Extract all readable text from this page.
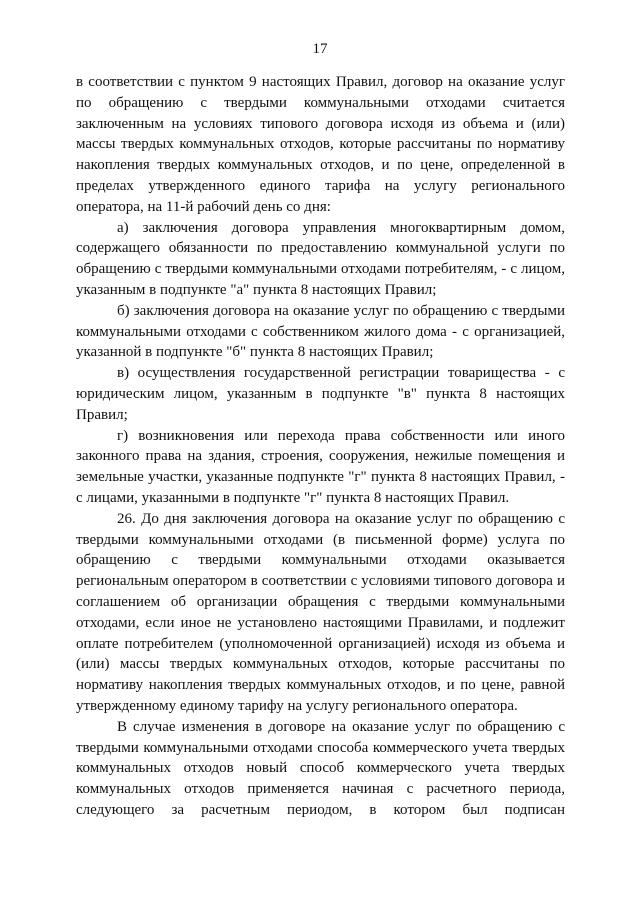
17

в соответствии с пунктом 9 настоящих Правил, договор на оказание услуг по обращению с твердыми коммунальными отходами считается заключенным на условиях типового договора исходя из объема и (или) массы твердых коммунальных отходов, которые рассчитаны по нормативу накопления твердых коммунальных отходов, и по цене, определенной в пределах утвержденного единого тарифа на услугу регионального оператора, на 11-й рабочий день со дня:

а) заключения договора управления многоквартирным домом, содержащего обязанности по предоставлению коммунальной услуги по обращению с твердыми коммунальными отходами потребителям, - с лицом, указанным в подпункте "а" пункта 8 настоящих Правил;

б) заключения договора на оказание услуг по обращению с твердыми коммунальными отходами с собственником жилого дома - с организацией, указанной в подпункте "б" пункта 8 настоящих Правил;

в) осуществления государственной регистрации товарищества - с юридическим лицом, указанным в подпункте "в" пункта 8 настоящих Правил;

г) возникновения или перехода права собственности или иного законного права на здания, строения, сооружения, нежилые помещения и земельные участки, указанные подпункте "г" пункта 8 настоящих Правил, - с лицами, указанными в подпункте "г" пункта 8 настоящих Правил.

26. До дня заключения договора на оказание услуг по обращению с твердыми коммунальными отходами (в письменной форме) услуга по обращению с твердыми коммунальными отходами оказывается региональным оператором в соответствии с условиями типового договора и соглашением об организации обращения с твердыми коммунальными отходами, если иное не установлено настоящими Правилами, и подлежит оплате потребителем (уполномоченной организацией) исходя из объема и (или) массы твердых коммунальных отходов, которые рассчитаны по нормативу накопления твердых коммунальных отходов, и по цене, равной утвержденному единому тарифу на услугу регионального оператора.

В случае изменения в договоре на оказание услуг по обращению с твердыми коммунальными отходами способа коммерческого учета твердых коммунальных отходов новый способ коммерческого учета твердых коммунальных отходов применяется начиная с расчетного периода, следующего за расчетным периодом, в котором был подписан
